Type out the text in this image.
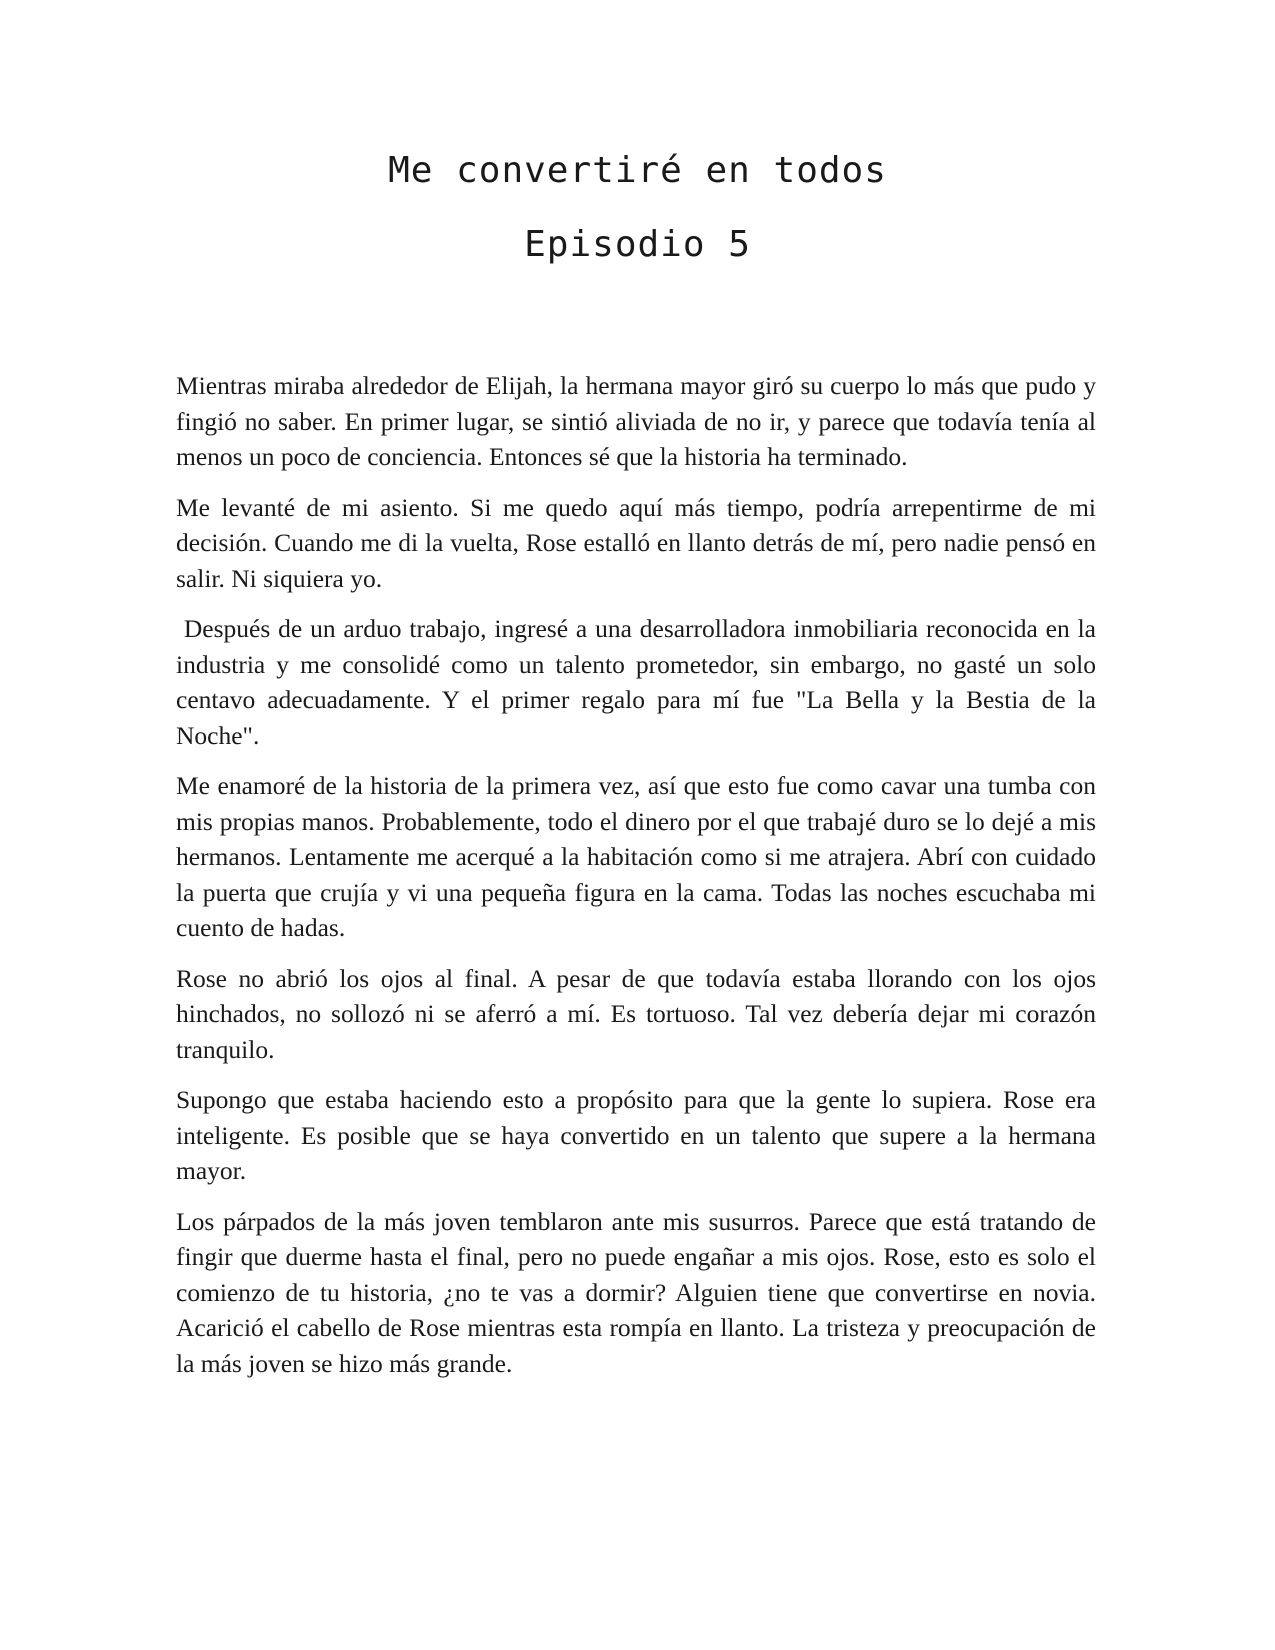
Me convertiré en todos
Episodio 5

Mientras miraba alrededor de Elijah, la hermana mayor giró su cuerpo lo más que pudo y fingió no saber. En primer lugar, se sintió aliviada de no ir, y parece que todavía tenía al menos un poco de conciencia. Entonces sé que la historia ha terminado.

Me levanté de mi asiento. Si me quedo aquí más tiempo, podría arrepentirme de mi decisión. Cuando me di la vuelta, Rose estalló en llanto detrás de mí, pero nadie pensó en salir. Ni siquiera yo.

Después de un arduo trabajo, ingresé a una desarrolladora inmobiliaria reconocida en la industria y me consolidé como un talento prometedor, sin embargo, no gasté un solo centavo adecuadamente. Y el primer regalo para mí fue "La Bella y la Bestia de la Noche".

Me enamoré de la historia de la primera vez, así que esto fue como cavar una tumba con mis propias manos. Probablemente, todo el dinero por el que trabajé duro se lo dejé a mis hermanos. Lentamente me acerqué a la habitación como si me atrajera. Abrí con cuidado la puerta que crujía y vi una pequeña figura en la cama. Todas las noches escuchaba mi cuento de hadas.

Rose no abrió los ojos al final. A pesar de que todavía estaba llorando con los ojos hinchados, no sollozó ni se aferró a mí. Es tortuoso. Tal vez debería dejar mi corazón tranquilo.

Supongo que estaba haciendo esto a propósito para que la gente lo supiera. Rose era inteligente. Es posible que se haya convertido en un talento que supere a la hermana mayor.

Los párpados de la más joven temblaron ante mis susurros. Parece que está tratando de fingir que duerme hasta el final, pero no puede engañar a mis ojos. Rose, esto es solo el comienzo de tu historia, ¿no te vas a dormir? Alguien tiene que convertirse en novia. Acarició el cabello de Rose mientras esta rompía en llanto. La tristeza y preocupación de la más joven se hizo más grande.
